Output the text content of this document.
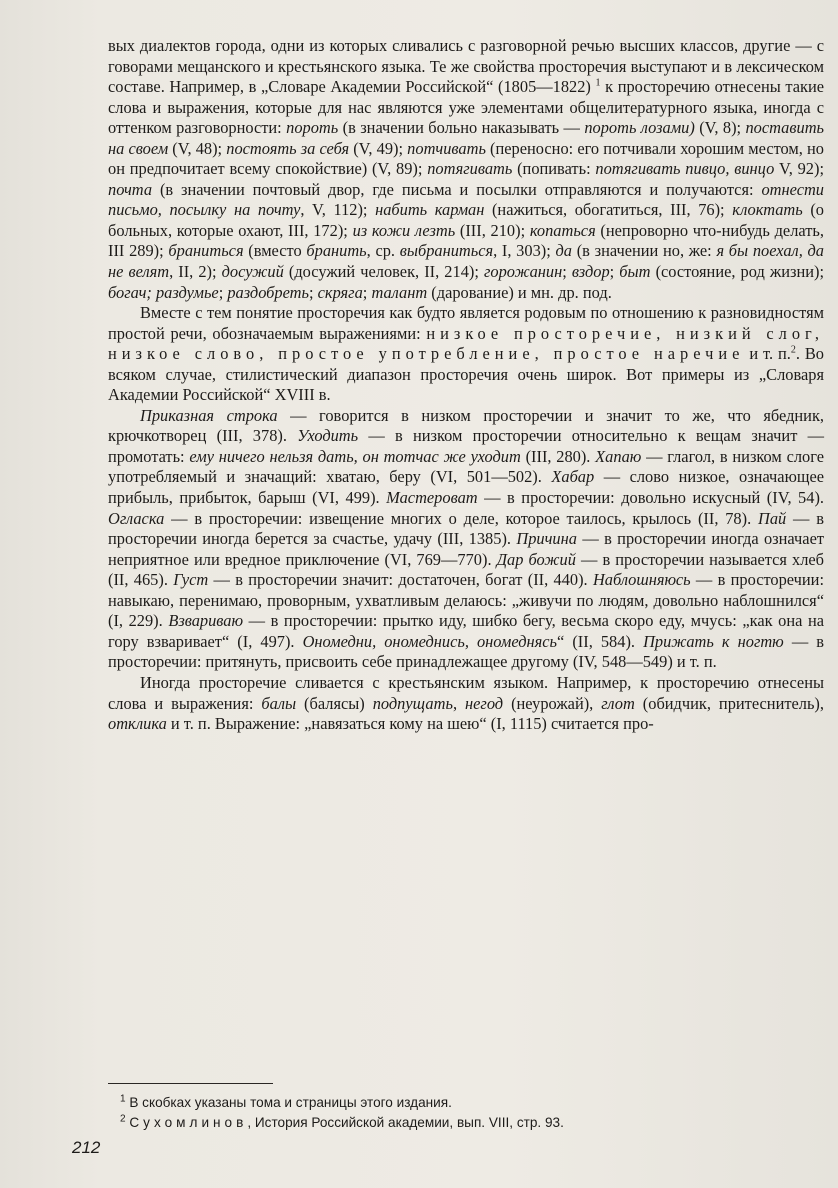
вых диалектов города, одни из которых сливались с разговорной речью высших классов, другие — с говорами мещанского и крестьянского языка. Те же свойства просторечия выступают и в лексическом составе. Например, в „Словаре Академии Российской“ (1805—1822) $^1$ к просторечию отнесены такие слова и выражения, которые для нас являются уже элементами общелитературного языка, иногда с оттенком разговорности: пороть (в значении больно наказывать — пороть лозами) (V, 8); поставить на своем (V, 48); постоять за себя (V, 49); потчивать (переносно: его потчивали хорошим местом, но он предпочитает всему спокойствие) (V, 89); потягивать (попивать: потягивать пивцо, винцо V, 92); почта (в значении почтовый двор, где письма и посылки отправляются и получаются: отнести письмо, посылку на почту, V, 112); набить карман (нажиться, обогатиться, III, 76); клоктать (о больных, которые охают, III, 172); из кожи лезть (III, 210); копаться (непроворно что-нибудь делать, III 289); браниться (вместо бранить, ср. выбраниться, I, 303); да (в значении но, же: я бы поехал, да не велят, II, 2); досужий (досужий человек, II, 214); горожанин; вздор; быт (состояние, род жизни); богач; раздумье; раздобреть; скряга; талант (дарование) и мн. др. под.

Вместе с тем понятие просторечия как будто является родовым по отношению к разновидностям простой речи, обозначаемым выражениями: низкое просторечие, низкий слог, низкое слово, простое употребление, простое наречие и т. п.$^2$. Во всяком случае, стилистический диапазон просторечия очень широк. Вот примеры из „Словаря Академии Российской“ XVIII в.

Приказная строка — говорится в низком просторечии и значит то же, что ябедник, крючкотворец (III, 378). Уходить — в низком просторечии относительно к вещам значит — промотать: ему ничего нельзя дать, он тотчас же уходит (III, 280). Хапаю — глагол, в низком слоге употребляемый и значащий: хватаю, беру (VI, 501—502). Хабар — слово низкое, означающее прибыль, прибыток, барыш (VI, 499). Мастероват — в просторечии: довольно искусный (IV, 54). Огласка — в просторечии: извещение многих о деле, которое таилось, крылось (II, 78). Пай — в просторечии иногда берется за счастье, удачу (III, 1385). Причина — в просторечии иногда означает неприятное или вредное приключение (VI, 769—770). Дар божий — в просторечии называется хлеб (II, 465). Густ — в просторечии значит: достаточен, богат (II, 440). Наблошняюсь — в просторечии: навыкаю, перенимаю, проворным, ухватливым делаюсь: „живучи по людям, довольно наблошнился“ (I, 229). Взвариваю — в просторечии: прытко иду, шибко бегу, весьма скоро еду, мчусь: „как она на гору взваривает“ (I, 497). Ономедни, ономеднись, ономеднясь“ (II, 584). Прижать к ногтю — в просторечии: притянуть, присвоить себе принадлежащее другому (IV, 548—549) и т. п.

Иногда просторечие сливается с крестьянским языком. Например, к просторечию отнесены слова и выражения: балы (балясы) подпущать, негод (неурожай), глот (обидчик, притеснитель), отклика и т. п. Выражение: „навязаться кому на шею“ (I, 1115) считается про-

$^1$ В скобках указаны тома и страницы этого издания.
$^2$ Сухомлинов, История Российской академии, вып. VIII, стр. 93.
212
